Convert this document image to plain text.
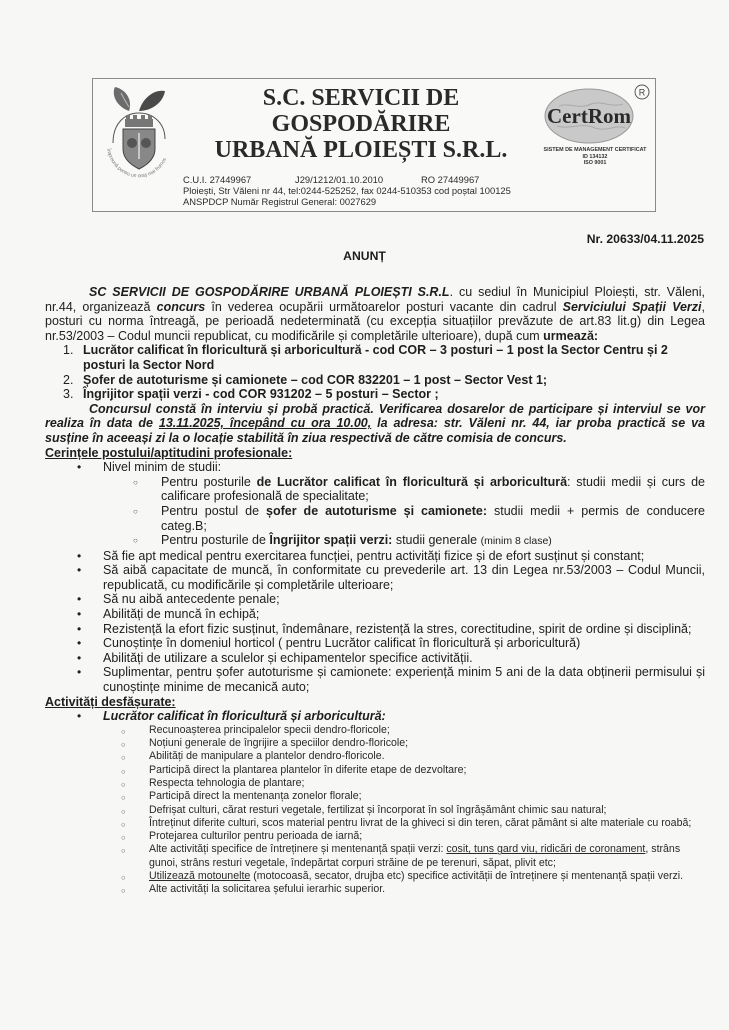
Împreună pentru un oraș mai frumos
S.C. SERVICII DE GOSPODĂRIRE
URBANĂ PLOIEȘTI S.R.L.
C.U.I. 27449967	J29/1212/01.10.2010	RO 27449967
Ploiești, Str Văleni nr 44, tel:0244-525252, fax 0244-510353 cod poștal 100125
ANSPDCP Număr Registrul General: 0027629
CertRom
R
SISTEM DE MANAGEMENT CERTIFICAT
ID 134132
ISO 9001
Nr. 20633/04.11.2025
ANUNȚ

SC SERVICII DE GOSPODĂRIRE URBANĂ PLOIEȘTI S.R.L. cu sediul în Municipiul Ploiești, str. Văleni, nr.44, organizează concurs în vederea ocupării următoarelor posturi vacante din cadrul Serviciului Spații Verzi, posturi cu norma întreagă, pe perioadă nedeterminată (cu excepția situațiilor prevăzute de art.83 lit.g) din Legea nr.53/2003 – Codul muncii republicat, cu modificările și completările ulterioare), după cum urmează:

1. Lucrător calificat în floricultură și arboricultură - cod COR – 3 posturi – 1 post la Sector Centru și 2 posturi la Sector Nord
2. Șofer de autoturisme și camionete – cod COR 832201 – 1 post – Sector Vest 1;
3. Îngrijitor spații verzi - cod COR 931202 – 5 posturi – Sector ;

Concursul constă în interviu și probă practică. Verificarea dosarelor de participare și interviul se vor realiza în data de 13.11.2025, începând cu ora 10.00, la adresa: str. Văleni nr. 44, iar proba practică se va susține în aceeași zi la o locație stabilită în ziua respectivă de către comisia de concurs.

Cerințele postului/aptitudini profesionale:

• Nivel minim de studii:
○ Pentru posturile de Lucrător calificat în floricultură și arboricultură: studii medii și curs de calificare profesională de specialitate;
○ Pentru postul de șofer de autoturisme și camionete: studii medii + permis de conducere categ.B;
○ Pentru posturile de Îngrijitor spații verzi: studii generale (minim 8 clase)
• Să fie apt medical pentru exercitarea funcției, pentru activități fizice și de efort susținut și constant;
• Să aibă capacitate de muncă, în conformitate cu prevederile art. 13 din Legea nr.53/2003 – Codul Muncii, republicată, cu modificările și completările ulterioare;
• Să nu aibă antecedente penale;
• Abilități de muncă în echipă;
• Rezistență la efort fizic susținut, îndemânare, rezistență la stres, corectitudine, spirit de ordine și disciplină;
• Cunoștințe în domeniul horticol ( pentru Lucrător calificat în floricultură și arboricultură)
• Abilități de utilizare a sculelor și echipamentelor specifice activității.
• Suplimentar, pentru șofer autoturisme și camionete: experiență minim 5 ani de la data obținerii permisului și cunoștințe minime de mecanică auto;

Activități desfășurate:

• Lucrător calificat în floricultură și arboricultură:
○ Recunoașterea principalelor specii dendro-floricole;
○ Noțiuni generale de îngrijire a speciilor dendro-floricole;
○ Abilități de manipulare a plantelor dendro-floricole.
○ Participă direct la plantarea plantelor în diferite etape de dezvoltare;
○ Respecta tehnologia de plantare;
○ Participă direct la mentenanța zonelor florale;
○ Defrișat culturi, cărat resturi vegetale, fertilizat și încorporat în sol îngrășământ chimic sau natural;
○ Întreținut diferite culturi, scos material pentru livrat de la ghiveci si din teren, cărat pământ si alte materiale cu roabă;
○ Protejarea culturilor pentru perioada de iarnă;
○ Alte activități specifice de întreținere și mentenanță spații verzi: cosit, tuns gard viu, ridicări de coronament, strâns gunoi, strâns resturi vegetale, îndepărtat corpuri străine de pe terenuri, săpat, plivit etc;
○ Utilizează motounelte (motocoasă, secator, drujba etc) specifice activității de întreținere și mentenanță spații verzi.
○ Alte activități la solicitarea șefului ierarhic superior.
